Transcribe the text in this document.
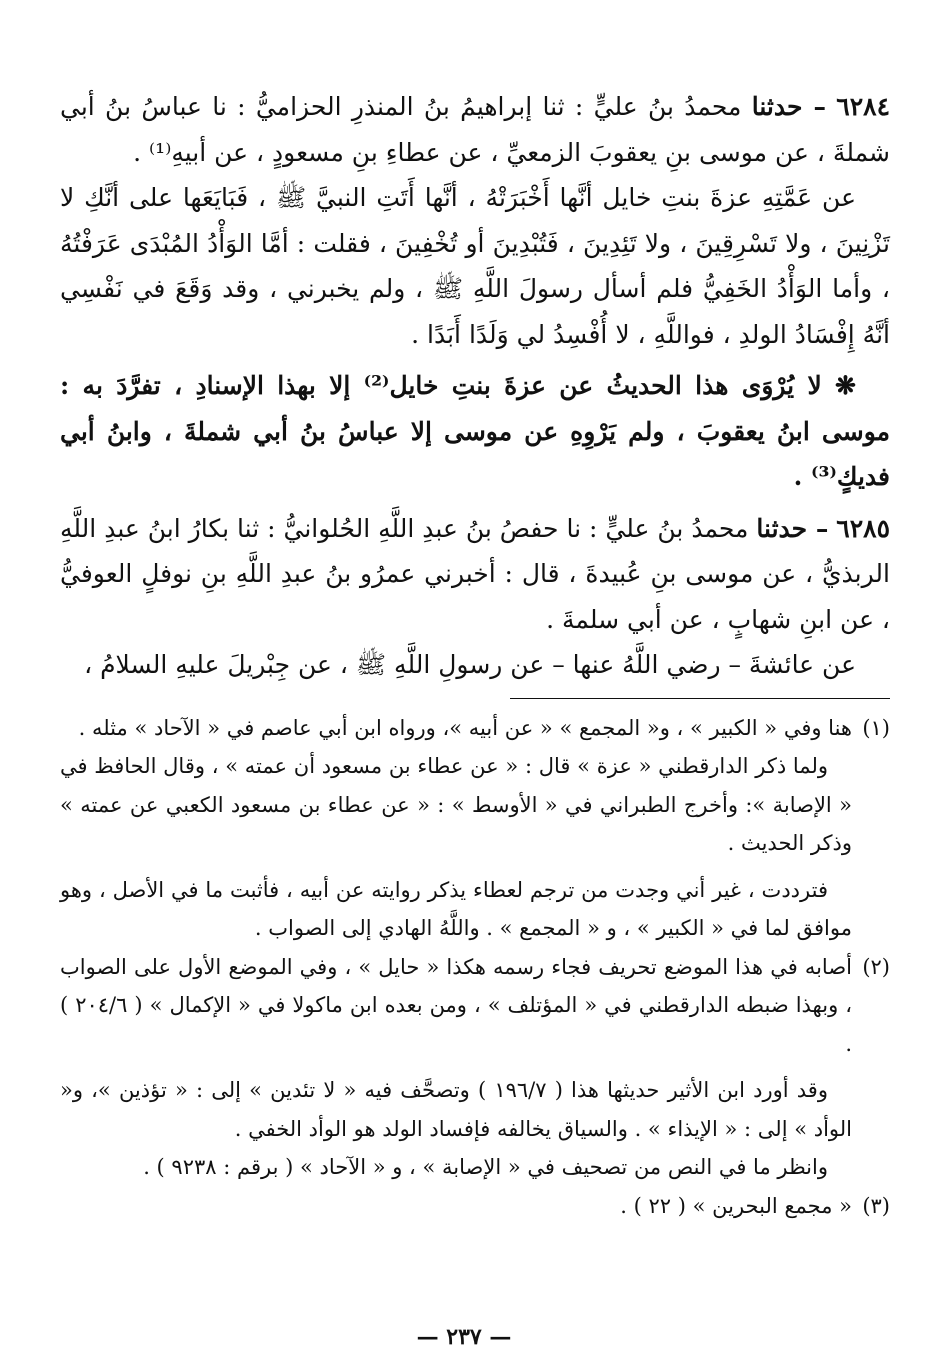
٦٢٨٤ – حدثنا محمدُ بنُ عليٍّ : ثنا إبراهيمُ بنُ المنذرِ الحزاميُّ : نا عباسُ بنُ أبي شملةَ ، عن موسى بنِ يعقوبَ الزمعيِّ ، عن عطاءِ بنِ مسعودٍ ، عن أبيهِ⁽¹⁾ .

عن عَمَّتِهِ عزةَ بنتِ خايل أنَّها أَخْبَرَتْهُ ، أنَّها أَتَتِ النبيَّ ﷺ ، فَبَايَعَها على أنَّكِ لا تَزْنِينَ ، ولا تَسْرِقِينَ ، ولا تَئِدِينَ ، فَتُبْدِينَ أو تُخْفِينَ ، فقلت : أمَّا الوَأْدُ المُبْدَى عَرَفْتُهُ ، وأما الوَأْدُ الخَفِيُّ فلم أسأل رسولَ اللَّهِ ﷺ ، ولم يخبرني ، وقد وَقَعَ في نَفْسِي أنَّهُ إِفْسَادُ الولدِ ، فواللَّهِ ، لا أُفْسِدُ لي وَلَدًا أَبَدًا .

❋ لا يُرْوَى هذا الحديثُ عن عزةَ بنتِ خايل⁽²⁾ إلا بهذا الإسنادِ ، تفرَّدَ به : موسى ابنُ يعقوبَ ، ولم يَرْوِهِ عن موسى إلا عباسُ بنُ أبي شملةَ ، وابنُ أبي فديكٍ⁽³⁾ .

٦٢٨٥ – حدثنا محمدُ بنُ عليٍّ : نا حفصُ بنُ عبدِ اللَّهِ الحُلوانيُّ : ثنا بكارُ ابنُ عبدِ اللَّهِ الربذيُّ ، عن موسى بنِ عُبيدةَ ، قال : أخبرني عمرُو بنُ عبدِ اللَّهِ بنِ نوفلٍ العوفيُّ ، عن ابنِ شهابٍ ، عن أبي سلمةَ .

عن عائشةَ – رضي اللَّهُ عنها – عن رسولِ اللَّهِ ﷺ ، عن جِبْريلَ عليهِ السلامُ ،

(١)
هنا وفي « الكبير » ، و« المجمع » « عن أبيه »، ورواه ابن أبي عاصم في « الآحاد » مثله .
ولما ذكر الدارقطني « عزة » قال : « عن عطاء بن مسعود أن عمته » ، وقال الحافظ في « الإصابة »: وأخرج الطبراني في « الأوسط » : « عن عطاء بن مسعود الكعبي عن عمته » وذكر الحديث .
فترددت ، غير أني وجدت من ترجم لعطاء يذكر روايته عن أبيه ، فأثبت ما في الأصل ، وهو موافق لما في « الكبير » ، و « المجمع » . واللَّهُ الهادي إلى الصواب .
(٢)
أصابه في هذا الموضع تحريف فجاء رسمه هكذا « حايل » ، وفي الموضع الأول على الصواب ، وبهذا ضبطه الدارقطني في « المؤتلف » ، ومن بعده ابن ماكولا في « الإكمال » ( ٢٠٤/٦ ) .
وقد أورد ابن الأثير حديثها هذا ( ١٩٦/٧ ) وتصحَّف فيه « لا تئدين » إلى : « تؤذين »، و« الوأد » إلى : « الإيذاء » . والسياق يخالفه فإفساد الولد هو الوأد الخفي .
وانظر ما في النص من تصحيف في « الإصابة » ، و « الآحاد » ( برقم : ٩٢٣٨ ) .
(٣)
« مجمع البحرين » ( ٢٢ ) .
— ٢٣٧ —
